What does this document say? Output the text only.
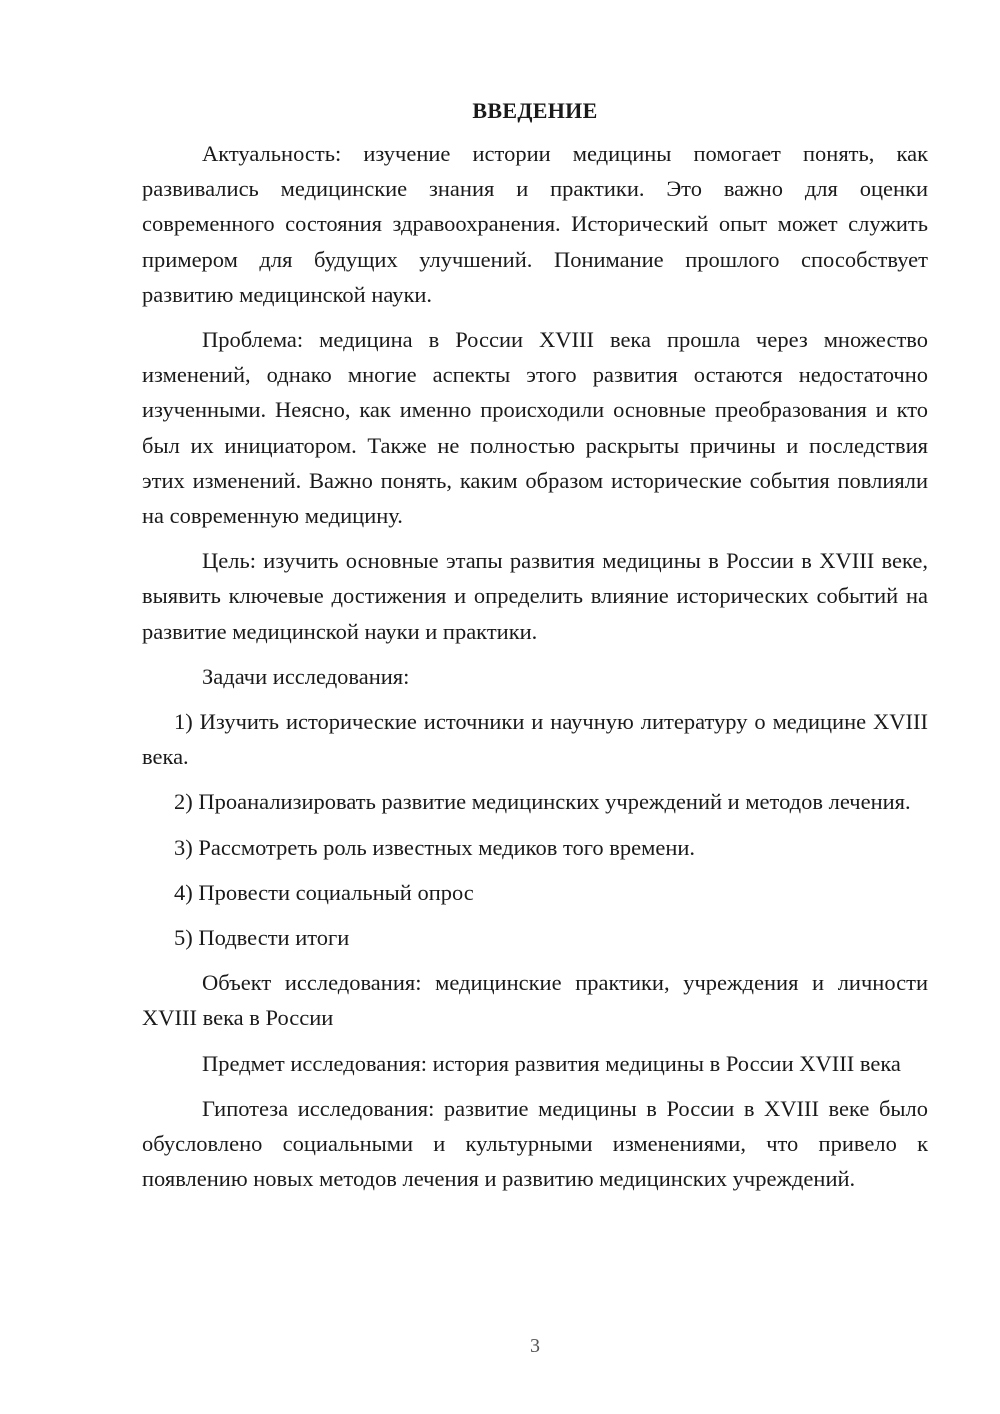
ВВЕДЕНИЕ

Актуальность: изучение истории медицины помогает понять, как развивались медицинские знания и практики. Это важно для оценки современного состояния здравоохранения. Исторический опыт может служить примером для будущих улучшений. Понимание прошлого способствует развитию медицинской науки.

Проблема: медицина в России XVIII века прошла через множество изменений, однако многие аспекты этого развития остаются недостаточно изученными. Неясно, как именно происходили основные преобразования и кто был их инициатором. Также не полностью раскрыты причины и последствия этих изменений. Важно понять, каким образом исторические события повлияли на современную медицину.

Цель: изучить основные этапы развития медицины в России в XVIII веке, выявить ключевые достижения и определить влияние исторических событий на развитие медицинской науки и практики.

Задачи исследования:

1) Изучить исторические источники и научную литературу о медицине XVIII века.

2) Проанализировать развитие медицинских учреждений и методов лечения.

3) Рассмотреть роль известных медиков того времени.

4) Провести социальный опрос

5) Подвести итоги

Объект исследования: медицинские практики, учреждения и личности XVIII века в России

Предмет исследования: история развития медицины в России XVIII века

Гипотеза исследования: развитие медицины в России в XVIII веке было обусловлено социальными и культурными изменениями, что привело к появлению новых методов лечения и развитию медицинских учреждений.

3
